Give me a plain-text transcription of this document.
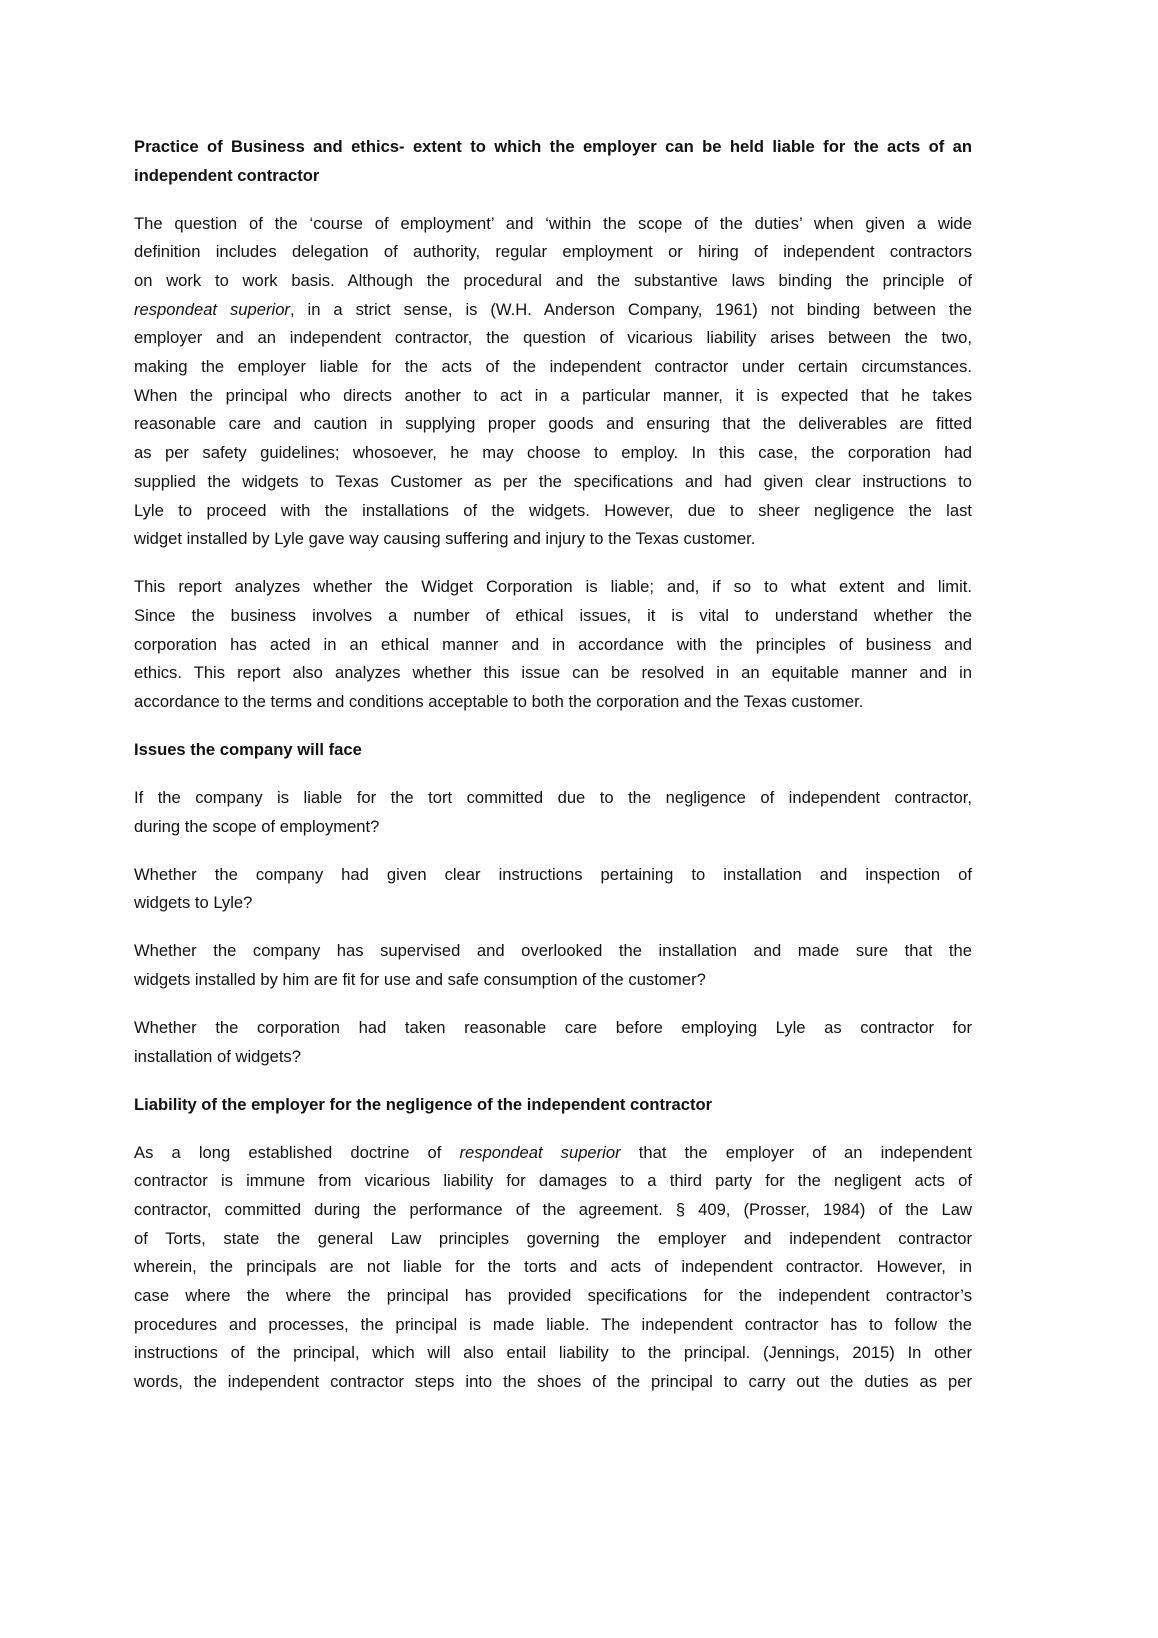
Practice of Business and ethics- extent to which the employer can be held liable for the acts of an
independent contractor
The question of the ‘course of employment’ and ‘within the scope of the duties’ when given a wide
definition includes delegation of authority, regular employment or hiring of independent contractors
on work to work basis. Although the procedural and the substantive laws binding the principle of
respondeat superior, in a strict sense, is (W.H. Anderson Company, 1961) not binding between the
employer and an independent contractor, the question of vicarious liability arises between the two,
making the employer liable for the acts of the independent contractor under certain circumstances.
When the principal who directs another to act in a particular manner, it is expected that he takes
reasonable care and caution in supplying proper goods and ensuring that the deliverables are fitted
as per safety guidelines; whosoever, he may choose to employ. In this case, the corporation had
supplied the widgets to Texas Customer as per the specifications and had given clear instructions to
Lyle to proceed with the installations of the widgets. However, due to sheer negligence the last
widget installed by Lyle gave way causing suffering and injury to the Texas customer.
This report analyzes whether the Widget Corporation is liable; and, if so to what extent and limit.
Since the business involves a number of ethical issues, it is vital to understand whether the
corporation has acted in an ethical manner and in accordance with the principles of business and
ethics. This report also analyzes whether this issue can be resolved in an equitable manner and in
accordance to the terms and conditions acceptable to both the corporation and the Texas customer.
Issues the company will face
If the company is liable for the tort committed due to the negligence of independent contractor,
during the scope of employment?
Whether the company had given clear instructions pertaining to installation and inspection of
widgets to Lyle?
Whether the company has supervised and overlooked the installation and made sure that the
widgets installed by him are fit for use and safe consumption of the customer?
Whether the corporation had taken reasonable care before employing Lyle as contractor for
installation of widgets?
Liability of the employer for the negligence of the independent contractor
As a long established doctrine of respondeat superior that the employer of an independent
contractor is immune from vicarious liability for damages to a third party for the negligent acts of
contractor, committed during the performance of the agreement. § 409, (Prosser, 1984) of the Law
of Torts, state the general Law principles governing the employer and independent contractor
wherein, the principals are not liable for the torts and acts of independent contractor. However, in
case where the where the principal has provided specifications for the independent contractor’s
procedures and processes, the principal is made liable. The independent contractor has to follow the
instructions of the principal, which will also entail liability to the principal. (Jennings, 2015) In other
words, the independent contractor steps into the shoes of the principal to carry out the duties as per
